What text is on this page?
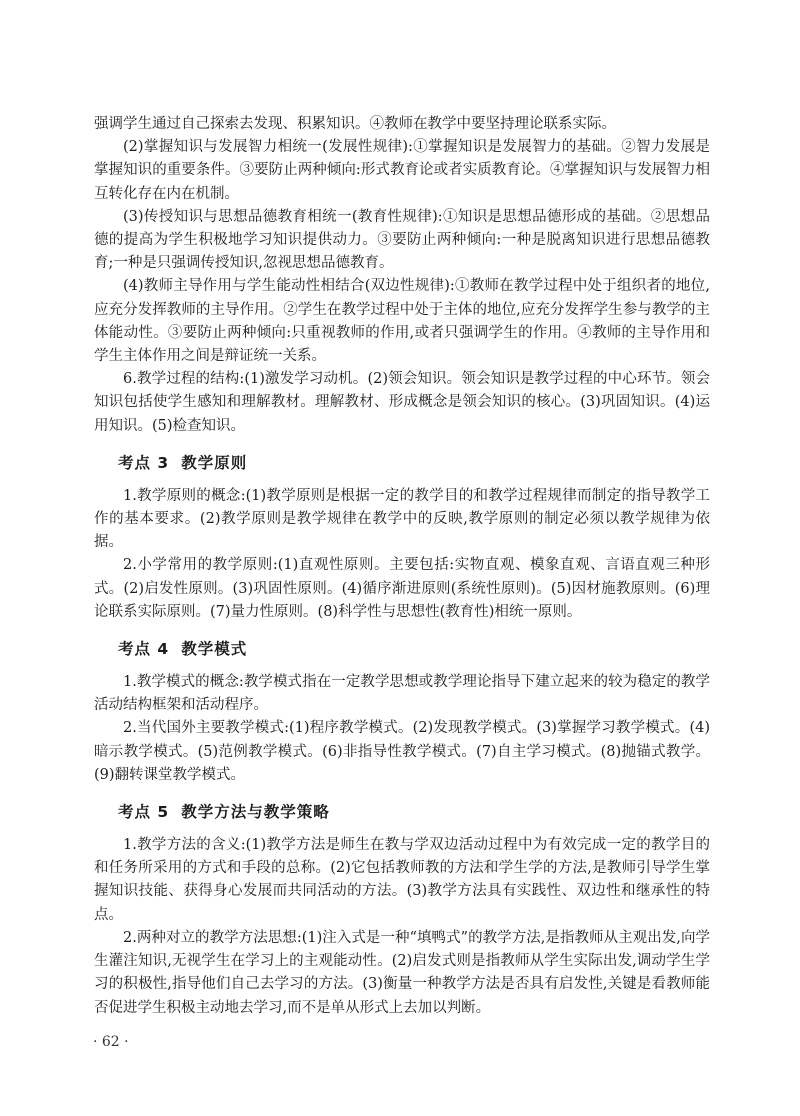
强调学生通过自己探索去发现、积累知识。④教师在教学中要坚持理论联系实际。

(2)掌握知识与发展智力相统一(发展性规律):①掌握知识是发展智力的基础。②智力发展是掌握知识的重要条件。③要防止两种倾向:形式教育论或者实质教育论。④掌握知识与发展智力相互转化存在内在机制。

(3)传授知识与思想品德教育相统一(教育性规律):①知识是思想品德形成的基础。②思想品德的提高为学生积极地学习知识提供动力。③要防止两种倾向:一种是脱离知识进行思想品德教育;一种是只强调传授知识,忽视思想品德教育。

(4)教师主导作用与学生能动性相结合(双边性规律):①教师在教学过程中处于组织者的地位,应充分发挥教师的主导作用。②学生在教学过程中处于主体的地位,应充分发挥学生参与教学的主体能动性。③要防止两种倾向:只重视教师的作用,或者只强调学生的作用。④教师的主导作用和学生主体作用之间是辩证统一关系。

6.教学过程的结构:(1)激发学习动机。(2)领会知识。领会知识是教学过程的中心环节。领会知识包括使学生感知和理解教材。理解教材、形成概念是领会知识的核心。(3)巩固知识。(4)运用知识。(5)检查知识。

考点 3 教学原则

1.教学原则的概念:(1)教学原则是根据一定的教学目的和教学过程规律而制定的指导教学工作的基本要求。(2)教学原则是教学规律在教学中的反映,教学原则的制定必须以教学规律为依据。

2.小学常用的教学原则:(1)直观性原则。主要包括:实物直观、模象直观、言语直观三种形式。(2)启发性原则。(3)巩固性原则。(4)循序渐进原则(系统性原则)。(5)因材施教原则。(6)理论联系实际原则。(7)量力性原则。(8)科学性与思想性(教育性)相统一原则。

考点 4 教学模式

1.教学模式的概念:教学模式指在一定教学思想或教学理论指导下建立起来的较为稳定的教学活动结构框架和活动程序。

2.当代国外主要教学模式:(1)程序教学模式。(2)发现教学模式。(3)掌握学习教学模式。(4)暗示教学模式。(5)范例教学模式。(6)非指导性教学模式。(7)自主学习模式。(8)抛锚式教学。(9)翻转课堂教学模式。

考点 5 教学方法与教学策略

1.教学方法的含义:(1)教学方法是师生在教与学双边活动过程中为有效完成一定的教学目的和任务所采用的方式和手段的总称。(2)它包括教师教的方法和学生学的方法,是教师引导学生掌握知识技能、获得身心发展而共同活动的方法。(3)教学方法具有实践性、双边性和继承性的特点。

2.两种对立的教学方法思想:(1)注入式是一种“填鸭式”的教学方法,是指教师从主观出发,向学生灌注知识,无视学生在学习上的主观能动性。(2)启发式则是指教师从学生实际出发,调动学生学习的积极性,指导他们自己去学习的方法。(3)衡量一种教学方法是否具有启发性,关键是看教师能否促进学生积极主动地去学习,而不是单从形式上去加以判断。

· 62 ·
